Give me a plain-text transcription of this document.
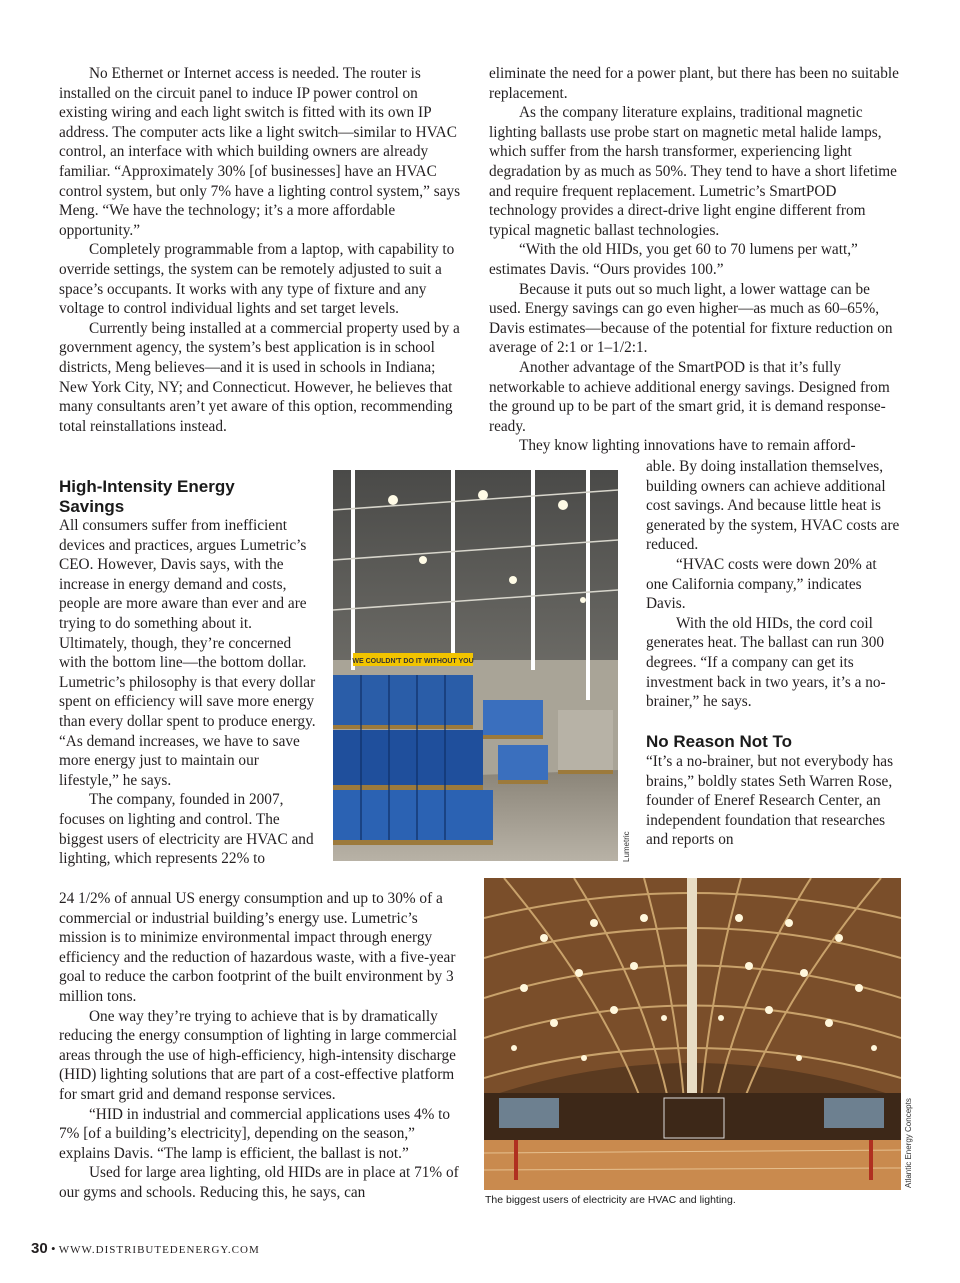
No Ethernet or Internet access is needed. The router is installed on the circuit panel to induce IP power control on existing wiring and each light switch is fitted with its own IP address. The computer acts like a light switch—similar to HVAC control, an interface with which building owners are already familiar. “Approximately 30% [of businesses] have an HVAC control system, but only 7% have a lighting control system,” says Meng. “We have the technology; it’s a more affordable opportunity.”

Completely programmable from a laptop, with capability to override settings, the system can be remotely adjusted to suit a space’s occupants. It works with any type of fixture and any voltage to control individual lights and set target levels.

Currently being installed at a commercial property used by a government agency, the system’s best application is in school districts, Meng believes—and it is used in schools in Indiana; New York City, NY; and Connecticut. However, he believes that many consultants aren’t yet aware of this option, recommending total reinstallations instead.

High-Intensity Energy Savings

All consumers suffer from inefficient devices and practices, argues Lumetric’s CEO. However, Davis says, with the increase in energy demand and costs, people are more aware than ever and are trying to do something about it. Ultimately, though, they’re concerned with the bottom line—the bottom dollar. Lumetric’s philosophy is that every dollar spent on efficiency will save more energy than every dollar spent to produce energy. “As demand increases, we have to save more energy just to maintain our lifestyle,” he says.

The company, founded in 2007, focuses on lighting and control. The biggest users of electricity are HVAC and lighting, which represents 22% to

24 1/2% of annual US energy consumption and up to 30% of a commercial or industrial building’s energy use. Lumetric’s mission is to minimize environmental impact through energy efficiency and the reduction of hazardous waste, with a five-year goal to reduce the carbon footprint of the built environment by 3 million tons.

One way they’re trying to achieve that is by dramatically reducing the energy consumption of lighting in large commercial areas through the use of high-efficiency, high-intensity discharge (HID) lighting solutions that are part of a cost-effective platform for smart grid and demand response services.

“HID in industrial and commercial applications uses 4% to 7% [of a building’s electricity], depending on the season,” explains Davis. “The lamp is efficient, the ballast is not.”

Used for large area lighting, old HIDs are in place at 71% of our gyms and schools. Reducing this, he says, can

eliminate the need for a power plant, but there has been no suitable replacement.

As the company literature explains, traditional magnetic lighting ballasts use probe start on magnetic metal halide lamps, which suffer from the harsh transformer, experiencing light degradation by as much as 50%. They tend to have a short lifetime and require frequent replacement. Lumetric’s SmartPOD technology provides a direct-drive light engine different from typical magnetic ballast technologies.

“With the old HIDs, you get 60 to 70 lumens per watt,” estimates Davis. “Ours provides 100.”

Because it puts out so much light, a lower wattage can be used. Energy savings can go even higher—as much as 60–65%, Davis estimates—because of the potential for fixture reduction on average of 2:1 or 1–1/2:1.

Another advantage of the SmartPOD is that it’s fully networkable to achieve additional energy savings. Designed from the ground up to be part of the smart grid, it is demand response-ready.

They know lighting innovations have to remain afford-

able. By doing installation themselves, building owners can achieve additional cost savings. And because little heat is generated by the system, HVAC costs are reduced.

“HVAC costs were down 20% at one California company,” indicates Davis.

With the old HIDs, the cord coil generates heat. The ballast can run 300 degrees. “If a company can get its investment back in two years, it’s a no-brainer,” he says.

No Reason Not To

“It’s a no-brainer, but not everybody has brains,” boldly states Seth Warren Rose, founder of Eneref Research Center, an independent foundation that researches and reports on

WE COULDN'T DO IT WITHOUT YOU
Lumetric
Atlantic Energy Concepts
The biggest users of electricity are HVAC and lighting.
30 • WWW.DISTRIBUTEDENERGY.COM
